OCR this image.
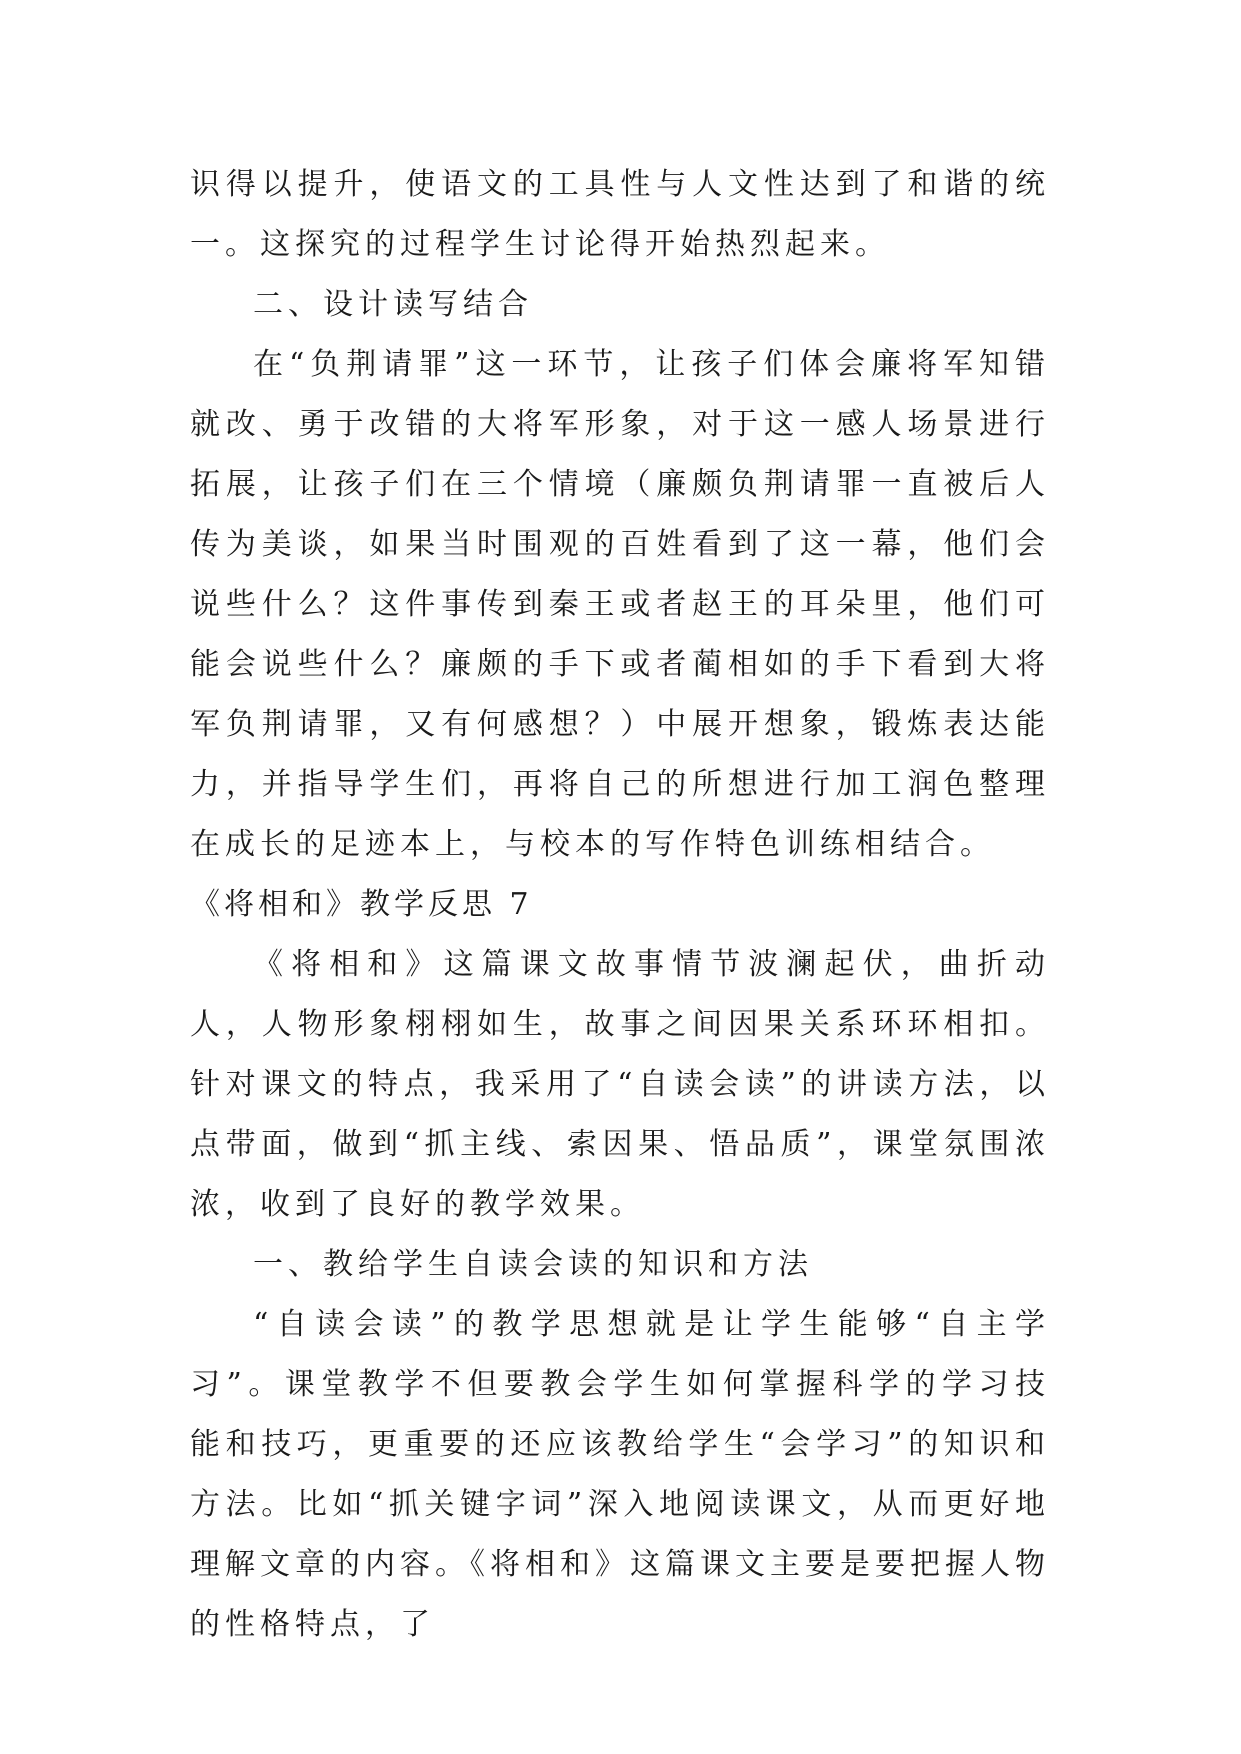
识得以提升，使语文的工具性与人文性达到了和谐的统一。这探究的过程学生讨论得开始热烈起来。

二、设计读写结合

在“负荆请罪”这一环节，让孩子们体会廉将军知错就改、勇于改错的大将军形象，对于这一感人场景进行拓展，让孩子们在三个情境（廉颇负荆请罪一直被后人传为美谈，如果当时围观的百姓看到了这一幕，他们会说些什么？这件事传到秦王或者赵王的耳朵里，他们可能会说些什么？廉颇的手下或者蔺相如的手下看到大将军负荆请罪，又有何感想？）中展开想象，锻炼表达能力，并指导学生们，再将自己的所想进行加工润色整理在成长的足迹本上，与校本的写作特色训练相结合。

《将相和》教学反思 7

《将相和》这篇课文故事情节波澜起伏，曲折动人，人物形象栩栩如生，故事之间因果关系环环相扣。针对课文的特点，我采用了“自读会读”的讲读方法，以点带面，做到“抓主线、索因果、悟品质”，课堂氛围浓浓，收到了良好的教学效果。

一、教给学生自读会读的知识和方法

“自读会读”的教学思想就是让学生能够“自主学习”。课堂教学不但要教会学生如何掌握科学的学习技能和技巧，更重要的还应该教给学生“会学习”的知识和方法。比如“抓关键字词”深入地阅读课文，从而更好地理解文章的内容。《将相和》这篇课文主要是要把握人物的性格特点，了
